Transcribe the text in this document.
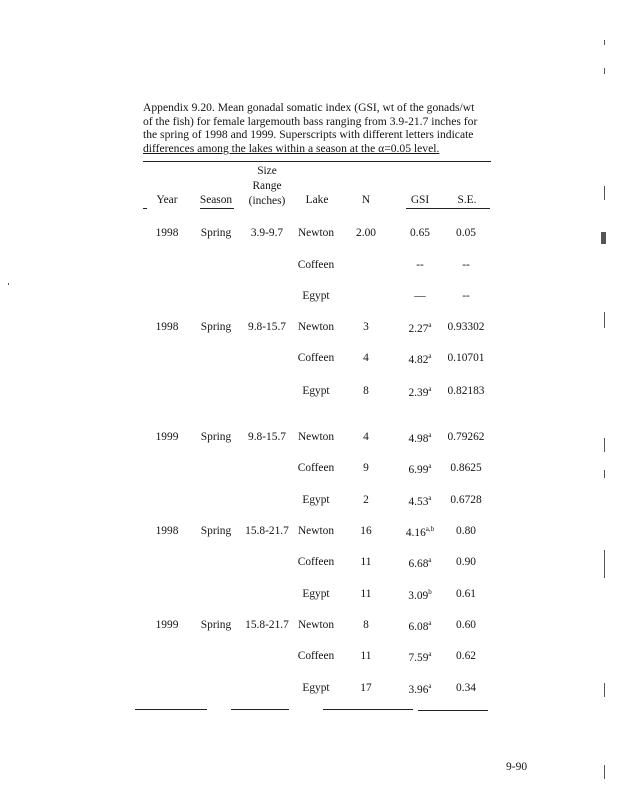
Appendix 9.20. Mean gonadal somatic index (GSI, wt of the gonads/wt
of the fish) for female largemouth bass ranging from 3.9-21.7 inches for
the spring of 1998 and 1999. Superscripts with different letters indicate
differences among the lakes within a season at the α=0.05 level.
Year Season
Size
Range
(inches) Lake	N	GSI S.E.
1998 Spring 3.9-9.7 Newton 2.00	0.65 0.05
Coffeen	--	--
Egypt	—	--
1998 Spring 9.8-15.7 Newton	3	2.27$^a$ 0.93302
Coffeen	4	4.82$^a$ 0.10701
Egypt	8	2.39$^a$ 0.82183
1999 Spring 9.8-15.7 Newton	4	4.98$^a$ 0.79262
Coffeen	9	6.99$^a$ 0.8625
Egypt	2	4.53$^a$ 0.6728
1998 Spring 15.8-21.7 Newton 16	4.16$^{a,b}$ 0.80
Coffeen 11	6.68$^a$ 0.90
Egypt	11	3.09$^b$ 0.61
1999 Spring 15.8-21.7 Newton	8	6.08$^a$ 0.60
Coffeen 11	7.59$^a$ 0.62
Egypt	17	3.96$^a$ 0.34
9-90
